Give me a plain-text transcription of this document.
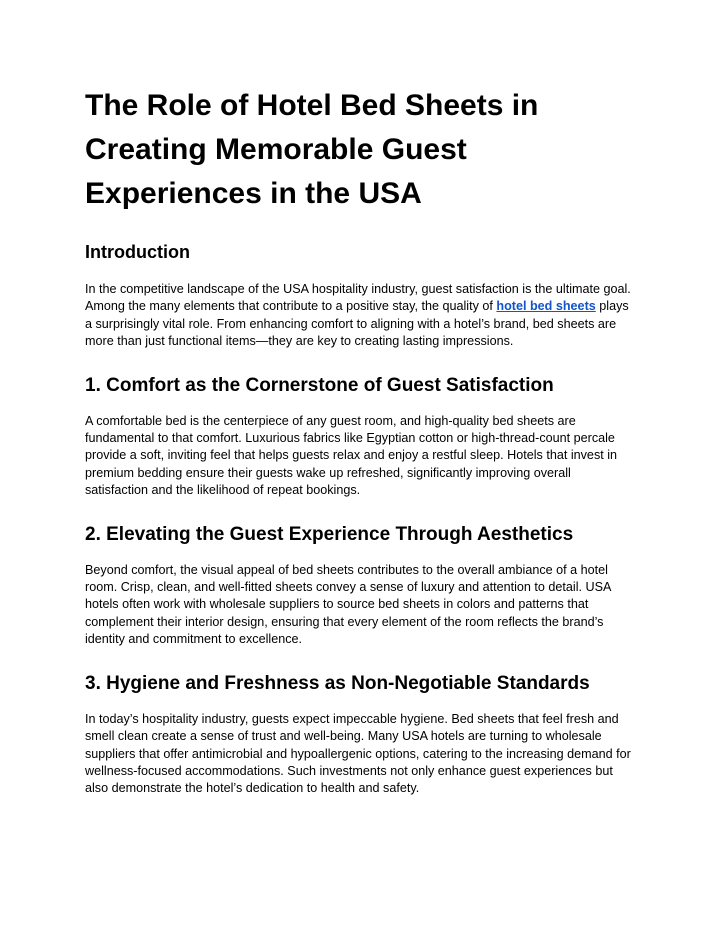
The Role of Hotel Bed Sheets in Creating Memorable Guest Experiences in the USA
Introduction

In the competitive landscape of the USA hospitality industry, guest satisfaction is the ultimate goal. Among the many elements that contribute to a positive stay, the quality of hotel bed sheets plays a surprisingly vital role. From enhancing comfort to aligning with a hotel’s brand, bed sheets are more than just functional items—they are key to creating lasting impressions.

1. Comfort as the Cornerstone of Guest Satisfaction

A comfortable bed is the centerpiece of any guest room, and high-quality bed sheets are fundamental to that comfort. Luxurious fabrics like Egyptian cotton or high-thread-count percale provide a soft, inviting feel that helps guests relax and enjoy a restful sleep. Hotels that invest in premium bedding ensure their guests wake up refreshed, significantly improving overall satisfaction and the likelihood of repeat bookings.

2. Elevating the Guest Experience Through Aesthetics

Beyond comfort, the visual appeal of bed sheets contributes to the overall ambiance of a hotel room. Crisp, clean, and well-fitted sheets convey a sense of luxury and attention to detail. USA hotels often work with wholesale suppliers to source bed sheets in colors and patterns that complement their interior design, ensuring that every element of the room reflects the brand’s identity and commitment to excellence.

3. Hygiene and Freshness as Non-Negotiable Standards

In today’s hospitality industry, guests expect impeccable hygiene. Bed sheets that feel fresh and smell clean create a sense of trust and well-being. Many USA hotels are turning to wholesale suppliers that offer antimicrobial and hypoallergenic options, catering to the increasing demand for wellness-focused accommodations. Such investments not only enhance guest experiences but also demonstrate the hotel’s dedication to health and safety.
